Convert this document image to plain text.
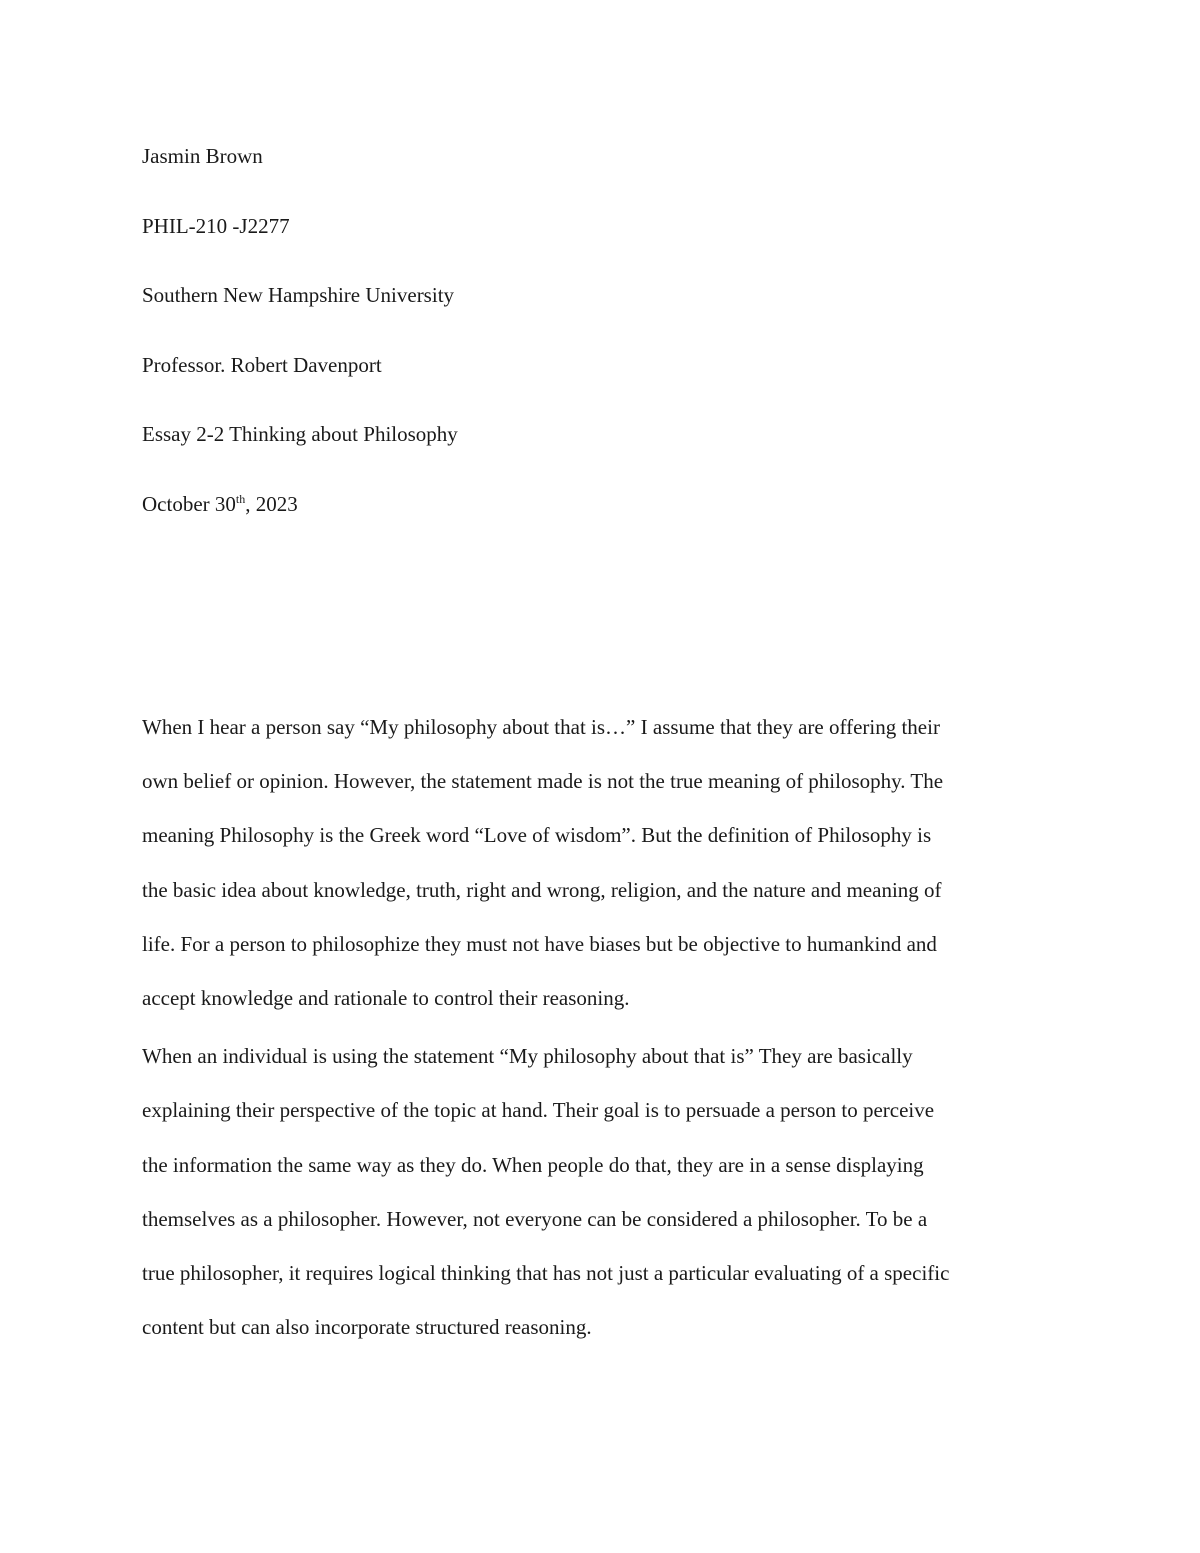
Jasmin Brown
PHIL-210 -J2277
Southern New Hampshire University
Professor. Robert Davenport
Essay 2-2 Thinking about Philosophy
October 30th, 2023
When I hear a person say “My philosophy about that is…” I assume that they are offering their
own belief or opinion. However, the statement made is not the true meaning of philosophy. The
meaning Philosophy is the Greek word “Love of wisdom”. But the definition of Philosophy is
the basic idea about knowledge, truth, right and wrong, religion, and the nature and meaning of
life. For a person to philosophize they must not have biases but be objective to humankind and
accept knowledge and rationale to control their reasoning.
When an individual is using the statement “My philosophy about that is” They are basically
explaining their perspective of the topic at hand. Their goal is to persuade a person to perceive
the information the same way as they do. When people do that, they are in a sense displaying
themselves as a philosopher. However, not everyone can be considered a philosopher. To be a
true philosopher, it requires logical thinking that has not just a particular evaluating of a specific
content but can also incorporate structured reasoning.
